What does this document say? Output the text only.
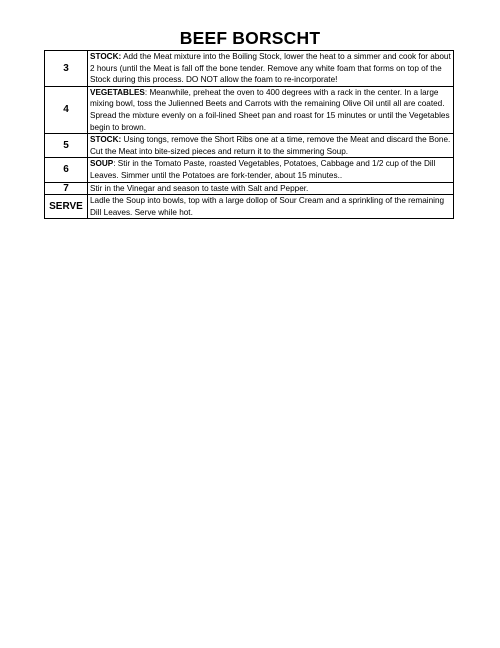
BEEF BORSCHT
3	STOCK: Add the Meat mixture into the Boiling Stock, lower the heat to a simmer and cook for about 2 hours (until the Meat is fall off the bone tender. Remove any white foam that forms on top of the Stock during this process. DO NOT allow the foam to re-incorporate!
4	VEGETABLES: Meanwhile, preheat the oven to 400 degrees with a rack in the center. In a large mixing bowl, toss the Julienned Beets and Carrots with the remaining Olive Oil until all are coated. Spread the mixture evenly on a foil-lined Sheet pan and roast for 15 minutes or until the Vegetables begin to brown.
5	STOCK: Using tongs, remove the Short Ribs one at a time, remove the Meat and discard the Bone. Cut the Meat into bite-sized pieces and return it to the simmering Soup.
6	SOUP: Stir in the Tomato Paste, roasted Vegetables, Potatoes, Cabbage and 1/2 cup of the Dill Leaves. Simmer until the Potatoes are fork-tender, about 15 minutes..
7	Stir in the Vinegar and season to taste with Salt and Pepper.
SERVE	Ladle the Soup into bowls, top with a large dollop of Sour Cream and a sprinkling of the remaining Dill Leaves. Serve while hot.
